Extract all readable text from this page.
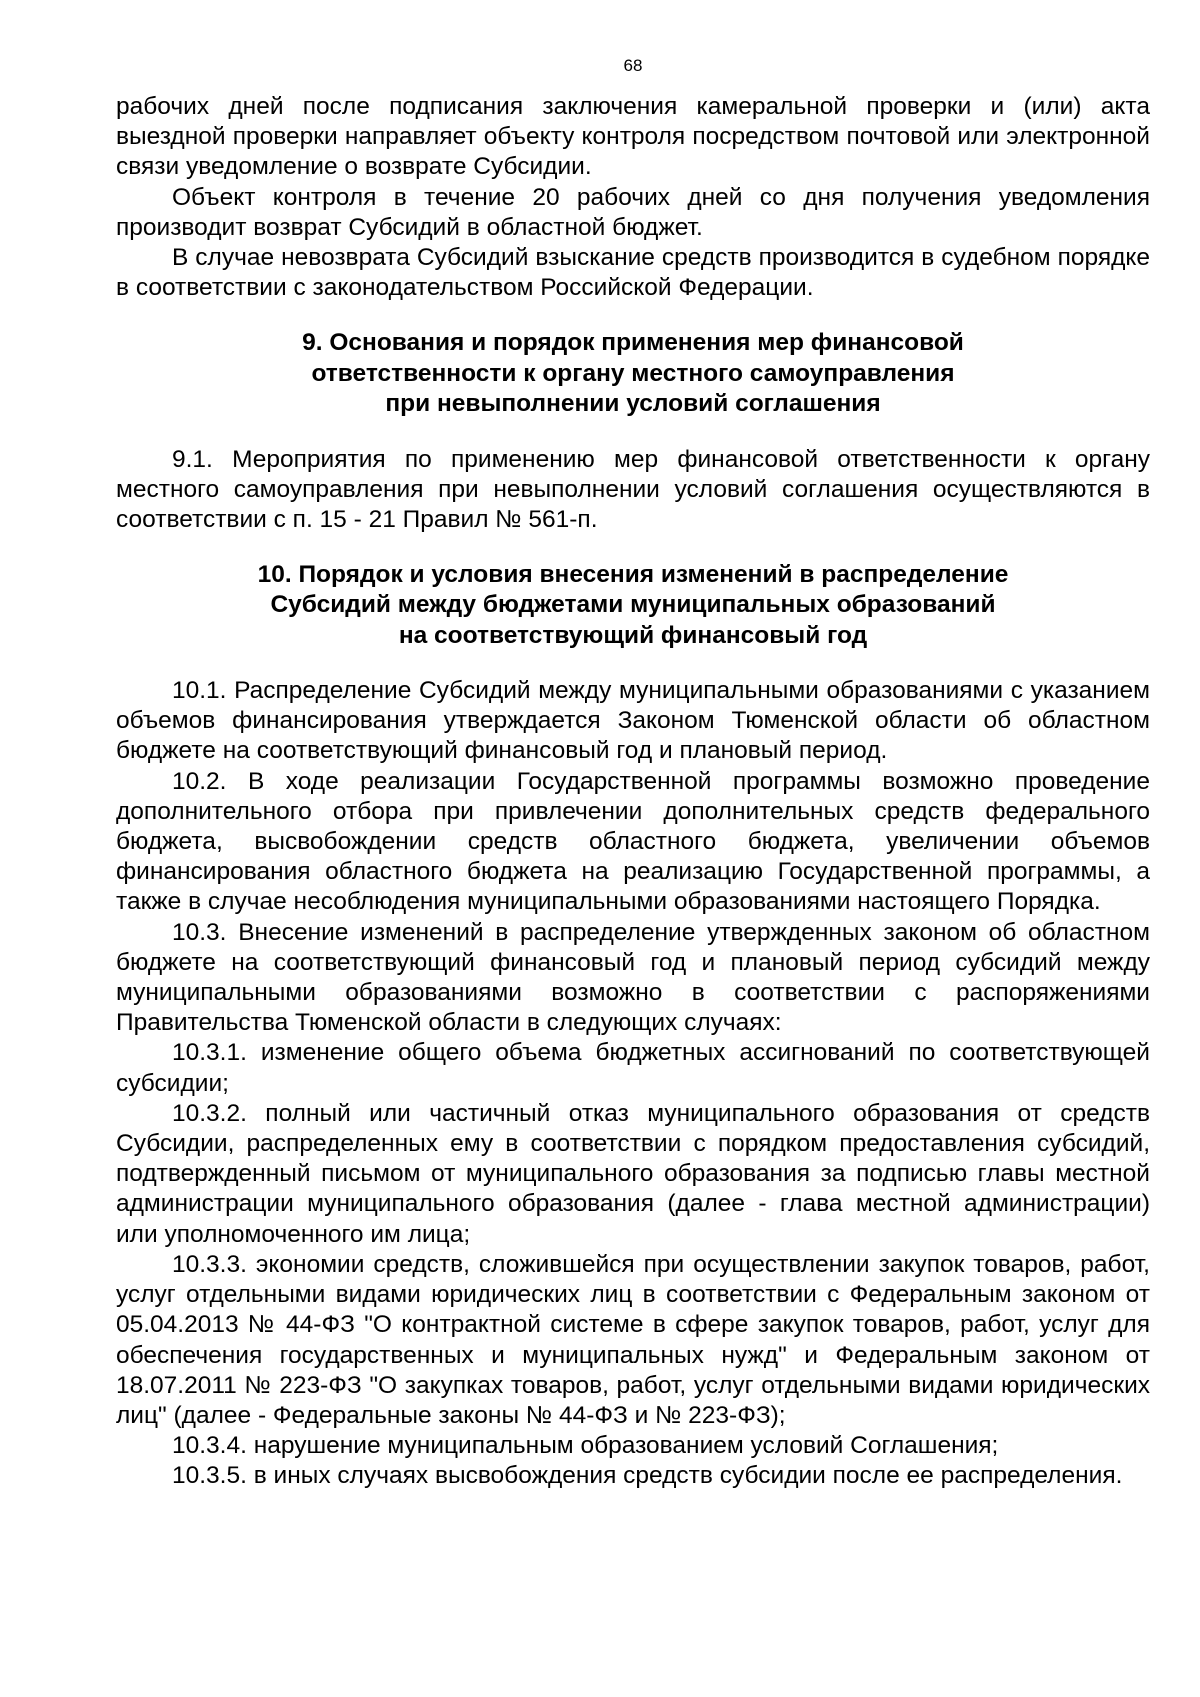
68

рабочих дней после подписания заключения камеральной проверки и (или) акта выездной проверки направляет объекту контроля посредством почтовой или электронной связи уведомление о возврате Субсидии.

Объект контроля в течение 20 рабочих дней со дня получения уведомления производит возврат Субсидий в областной бюджет.

В случае невозврата Субсидий взыскание средств производится в судебном порядке в соответствии с законодательством Российской Федерации.

9. Основания и порядок применения мер финансовой
ответственности к органу местного самоуправления
при невыполнении условий соглашения

9.1. Мероприятия по применению мер финансовой ответственности к органу местного самоуправления при невыполнении условий соглашения осуществляются в соответствии с п. 15 - 21 Правил № 561-п.

10. Порядок и условия внесения изменений в распределение
Субсидий между бюджетами муниципальных образований
на соответствующий финансовый год

10.1. Распределение Субсидий между муниципальными образованиями с указанием объемов финансирования утверждается Законом Тюменской области об областном бюджете на соответствующий финансовый год и плановый период.

10.2. В ходе реализации Государственной программы возможно проведение дополнительного отбора при привлечении дополнительных средств федерального бюджета, высвобождении средств областного бюджета, увеличении объемов финансирования областного бюджета на реализацию Государственной программы, а также в случае несоблюдения муниципальными образованиями настоящего Порядка.

10.3. Внесение изменений в распределение утвержденных законом об областном бюджете на соответствующий финансовый год и плановый период субсидий между муниципальными образованиями возможно в соответствии с распоряжениями Правительства Тюменской области в следующих случаях:

10.3.1. изменение общего объема бюджетных ассигнований по соответствующей субсидии;

10.3.2. полный или частичный отказ муниципального образования от средств Субсидии, распределенных ему в соответствии с порядком предоставления субсидий, подтвержденный письмом от муниципального образования за подписью главы местной администрации муниципального образования (далее - глава местной администрации) или уполномоченного им лица;

10.3.3. экономии средств, сложившейся при осуществлении закупок товаров, работ, услуг отдельными видами юридических лиц в соответствии с Федеральным законом от 05.04.2013 № 44-ФЗ "О контрактной системе в сфере закупок товаров, работ, услуг для обеспечения государственных и муниципальных нужд" и Федеральным законом от 18.07.2011 № 223-ФЗ "О закупках товаров, работ, услуг отдельными видами юридических лиц" (далее - Федеральные законы № 44-ФЗ и № 223-ФЗ);

10.3.4. нарушение муниципальным образованием условий Соглашения;

10.3.5. в иных случаях высвобождения средств субсидии после ее распределения.
